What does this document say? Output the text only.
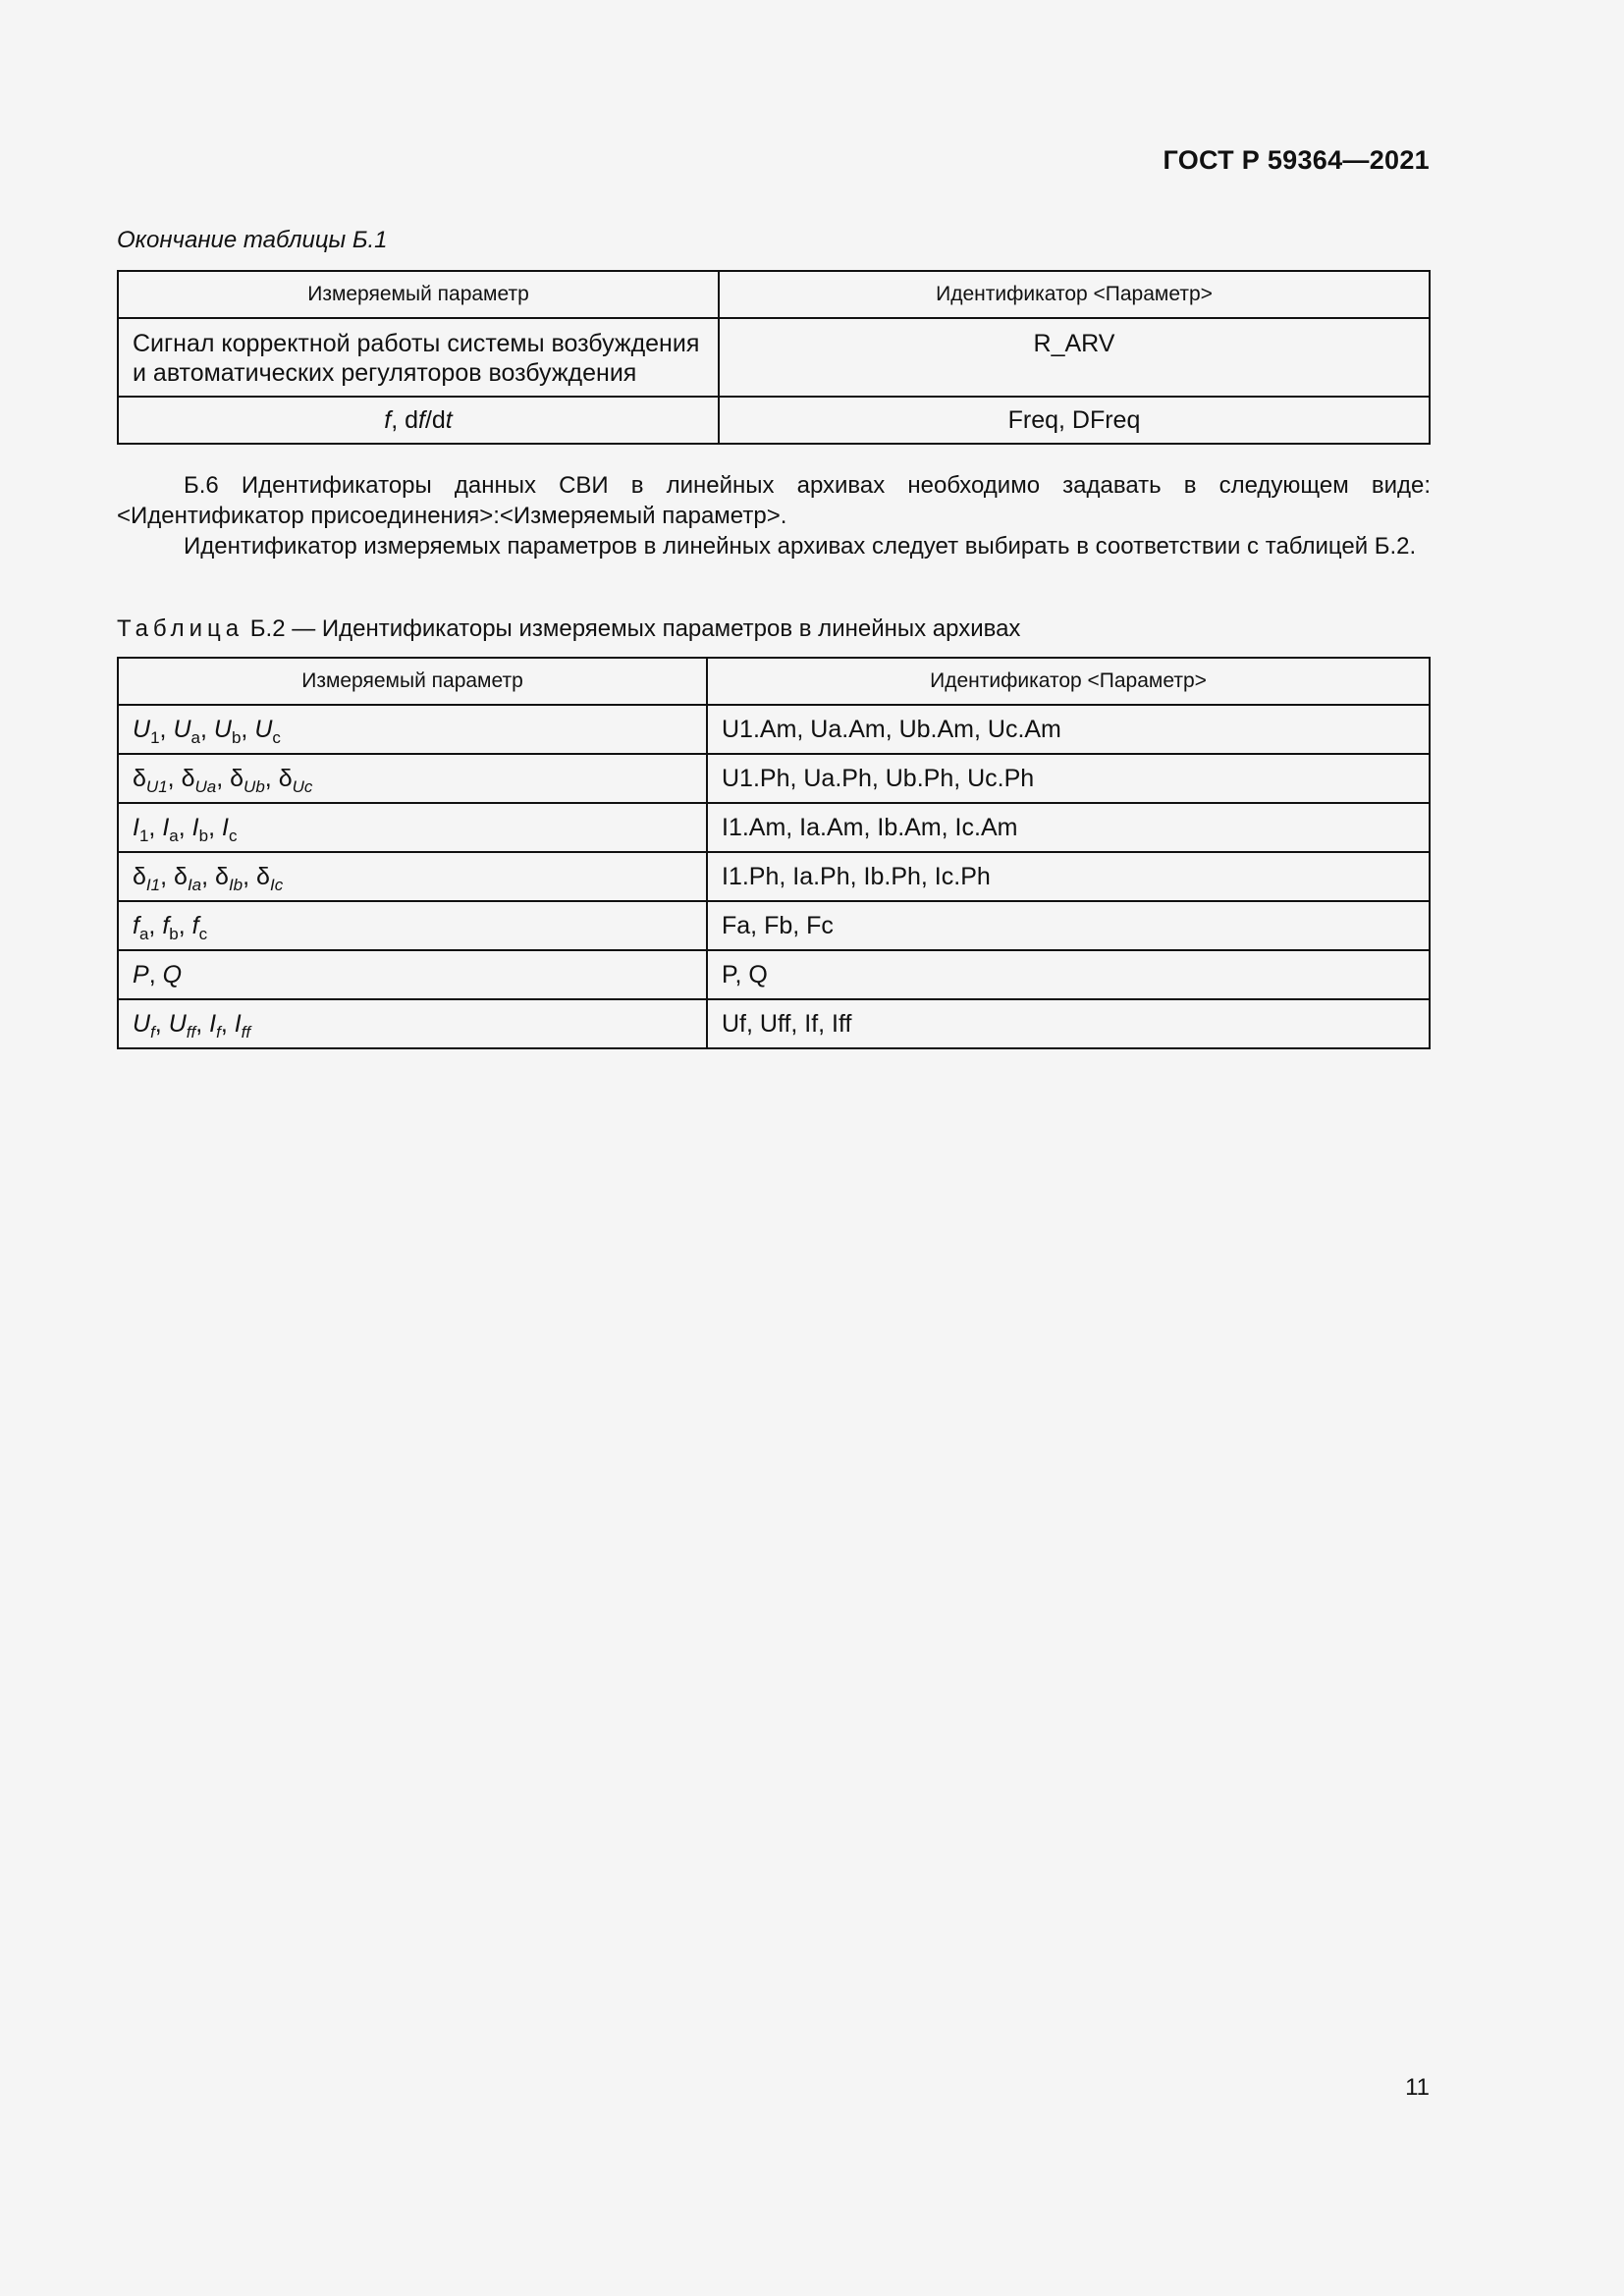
ГОСТ Р 59364—2021
Окончание таблицы Б.1
Измеряемый параметр	Идентификатор <Параметр>

Сигнал корректной работы системы возбуждения
и автоматических регуляторов возбуждения	R_ARV
f, df/dt	Freq, DFreq
Б.6 Идентификаторы данных СВИ в линейных архивах необходимо задавать в следующем виде: <Идентификатор присоединения>:<Измеряемый параметр>.
Идентификатор измеряемых параметров в линейных архивах следует выбирать в соответствии с таблицей Б.2.
Таблица Б.2 — Идентификаторы измеряемых параметров в линейных архивах
Измеряемый параметр	Идентификатор <Параметр>
$U_1$, $U_a$, $U_b$, $U_c$	U1.Am, Ua.Am, Ub.Am, Uc.Am
$\delta_{U1}$, $\delta_{Ua}$, $\delta_{Ub}$, $\delta_{Uc}$	U1.Ph, Ua.Ph, Ub.Ph, Uc.Ph
$I_1$, $I_a$, $I_b$, $I_c$	I1.Am, Ia.Am, Ib.Am, Ic.Am
$\delta_{I1}$, $\delta_{Ia}$, $\delta_{Ib}$, $\delta_{Ic}$	I1.Ph, Ia.Ph, Ib.Ph, Ic.Ph
$f_a$, $f_b$, $f_c$	Fa, Fb, Fc
P, Q	P, Q
$U_f$, $U_{ff}$, $I_f$, $I_{ff}$	Uf, Uff, If, Iff
11
